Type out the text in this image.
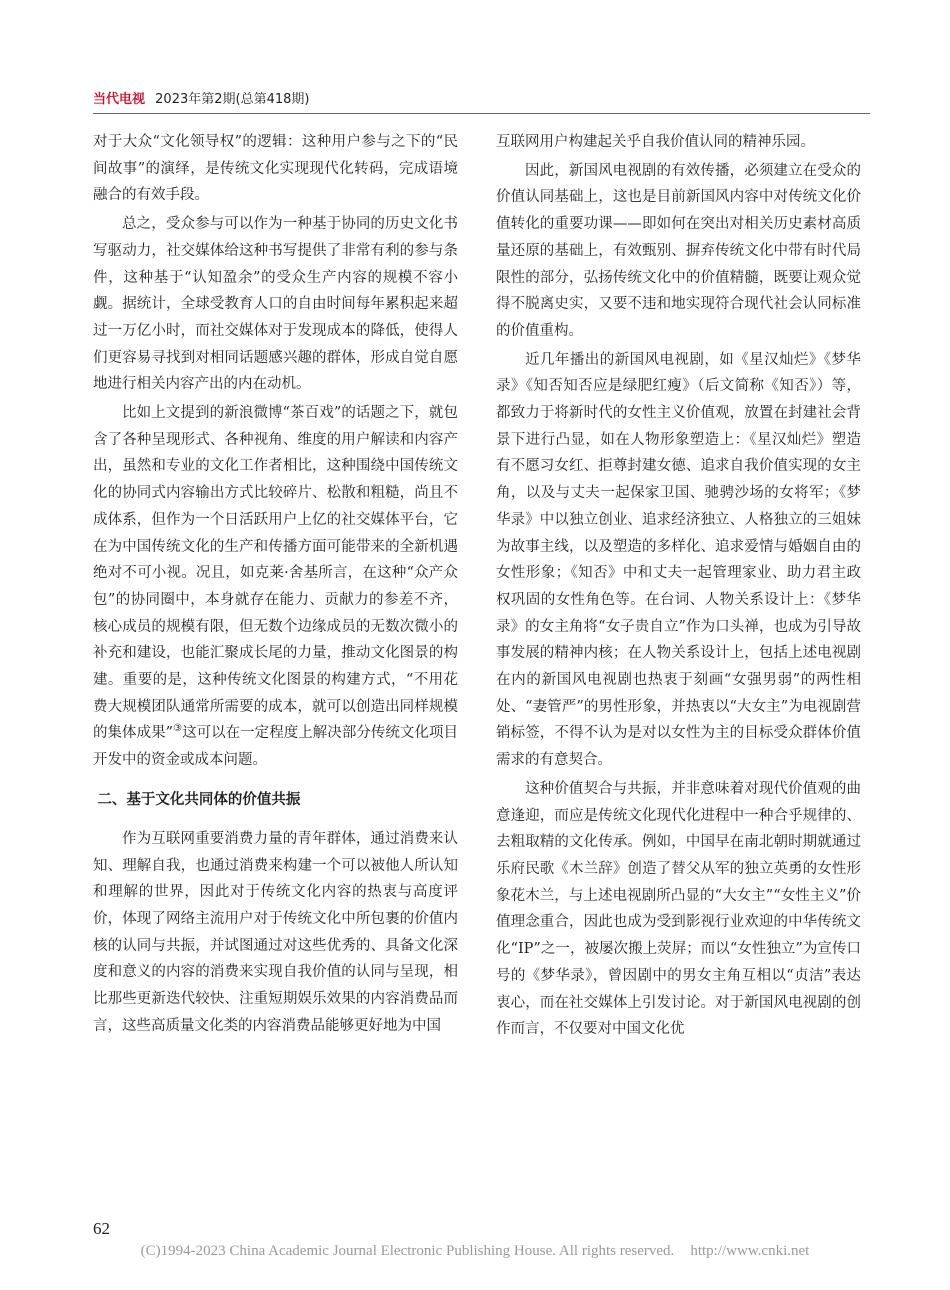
当代电视 2023年第2期(总第418期)

对于大众“文化领导权”的逻辑：这种用户参与之下的“民间故事”的演绎，是传统文化实现现代化转码，完成语境融合的有效手段。

总之，受众参与可以作为一种基于协同的历史文化书写驱动力，社交媒体给这种书写提供了非常有利的参与条件，这种基于“认知盈余”的受众生产内容的规模不容小觑。据统计，全球受教育人口的自由时间每年累积起来超过一万亿小时，而社交媒体对于发现成本的降低，使得人们更容易寻找到对相同话题感兴趣的群体，形成自觉自愿地进行相关内容产出的内在动机。

比如上文提到的新浪微博“茶百戏”的话题之下，就包含了各种呈现形式、各种视角、维度的用户解读和内容产出，虽然和专业的文化工作者相比，这种围绕中国传统文化的协同式内容输出方式比较碎片、松散和粗糙，尚且不成体系，但作为一个日活跃用户上亿的社交媒体平台，它在为中国传统文化的生产和传播方面可能带来的全新机遇绝对不可小视。况且，如克莱·舍基所言，在这种“众产众包”的协同圈中，本身就存在能力、贡献力的参差不齐，核心成员的规模有限，但无数个边缘成员的无数次微小的补充和建设，也能汇聚成长尾的力量，推动文化图景的构建。重要的是，这种传统文化图景的构建方式，“不用花费大规模团队通常所需要的成本，就可以创造出同样规模的集体成果”③这可以在一定程度上解决部分传统文化项目开发中的资金或成本问题。

二、基于文化共同体的价值共振

作为互联网重要消费力量的青年群体，通过消费来认知、理解自我，也通过消费来构建一个可以被他人所认知和理解的世界，因此对于传统文化内容的热衷与高度评价，体现了网络主流用户对于传统文化中所包裹的价值内核的认同与共振，并试图通过对这些优秀的、具备文化深度和意义的内容的消费来实现自我价值的认同与呈现，相比那些更新迭代较快、注重短期娱乐效果的内容消费品而言，这些高质量文化类的内容消费品能够更好地为中国

互联网用户构建起关乎自我价值认同的精神乐园。

因此，新国风电视剧的有效传播，必须建立在受众的价值认同基础上，这也是目前新国风内容中对传统文化价值转化的重要功课——即如何在突出对相关历史素材高质量还原的基础上，有效甄别、摒弃传统文化中带有时代局限性的部分，弘扬传统文化中的价值精髓，既要让观众觉得不脱离史实，又要不违和地实现符合现代社会认同标准的价值重构。

近几年播出的新国风电视剧，如《星汉灿烂》《梦华录》《知否知否应是绿肥红瘦》（后文简称《知否》）等，都致力于将新时代的女性主义价值观，放置在封建社会背景下进行凸显，如在人物形象塑造上：《星汉灿烂》塑造有不愿习女红、拒尊封建女德、追求自我价值实现的女主角，以及与丈夫一起保家卫国、驰骋沙场的女将军；《梦华录》中以独立创业、追求经济独立、人格独立的三姐妹为故事主线，以及塑造的多样化、追求爱情与婚姻自由的女性形象；《知否》中和丈夫一起管理家业、助力君主政权巩固的女性角色等。在台词、人物关系设计上：《梦华录》的女主角将“女子贵自立”作为口头禅，也成为引导故事发展的精神内核；在人物关系设计上，包括上述电视剧在内的新国风电视剧也热衷于刻画“女强男弱”的两性相处、“妻管严”的男性形象，并热衷以“大女主”为电视剧营销标签，不得不认为是对以女性为主的目标受众群体价值需求的有意契合。

这种价值契合与共振，并非意味着对现代价值观的曲意逢迎，而应是传统文化现代化进程中一种合乎规律的、去粗取精的文化传承。例如，中国早在南北朝时期就通过乐府民歌《木兰辞》创造了替父从军的独立英勇的女性形象花木兰，与上述电视剧所凸显的“大女主”“女性主义”价值理念重合，因此也成为受到影视行业欢迎的中华传统文化“IP”之一，被屡次搬上荧屏；而以“女性独立”为宣传口号的《梦华录》，曾因剧中的男女主角互相以“贞洁”表达衷心，而在社交媒体上引发讨论。对于新国风电视剧的创作而言，不仅要对中国文化优

62
(C)1994-2023 China Academic Journal Electronic Publishing House. All rights reserved. http://www.cnki.net
